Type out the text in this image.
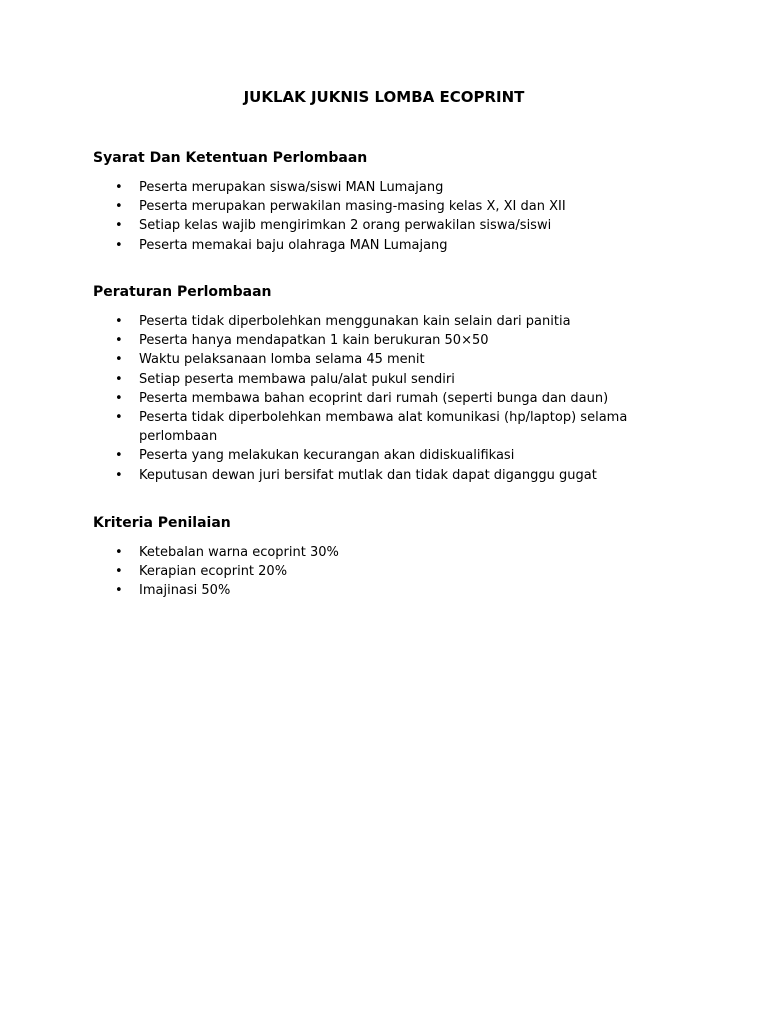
JUKLAK JUKNIS LOMBA ECOPRINT
Syarat Dan Ketentuan Perlombaan
• Peserta merupakan siswa/siswi MAN Lumajang
• Peserta merupakan perwakilan masing-masing kelas X, XI dan XII
• Setiap kelas wajib mengirimkan 2 orang perwakilan siswa/siswi
• Peserta memakai baju olahraga MAN Lumajang
Peraturan Perlombaan
• Peserta tidak diperbolehkan menggunakan kain selain dari panitia
• Peserta hanya mendapatkan 1 kain berukuran 50×50
• Waktu pelaksanaan lomba selama 45 menit
• Setiap peserta membawa palu/alat pukul sendiri
• Peserta membawa bahan ecoprint dari rumah (seperti bunga dan daun)
• Peserta tidak diperbolehkan membawa alat komunikasi (hp/laptop) selama perlombaan
• Peserta yang melakukan kecurangan akan didiskualifikasi
• Keputusan dewan juri bersifat mutlak dan tidak dapat diganggu gugat
Kriteria Penilaian
• Ketebalan warna ecoprint 30%
• Kerapian ecoprint 20%
• Imajinasi 50%
